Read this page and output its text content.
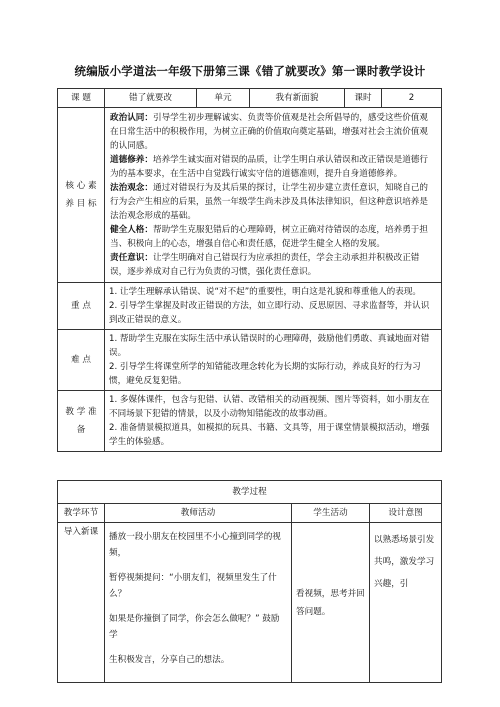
统编版小学道法一年级下册第三课《错了就要改》第一课时教学设计
课 题	错了就要改	单元	我有新面貌	课时	2
核 心 素 养 目 标	政治认同：引导学生初步理解诚实、负责等价值观是社会所倡导的，感受这些价值观在日常生活中的积极作用，为树立正确的价值取向奠定基础，增强对社会主流价值观的认同感。

道德修养：培养学生诚实面对错误的品质，让学生明白承认错误和改正错误是道德行为的基本要求，在生活中自觉践行诚实守信的道德准则，提升自身道德修养。

法治观念：通过对错误行为及其后果的探讨，让学生初步建立责任意识，知晓自己的行为会产生相应的后果，虽然一年级学生尚未涉及具体法律知识，但这种意识培养是法治观念形成的基础。

健全人格：帮助学生克服犯错后的心理障碍，树立正确对待错误的态度，培养勇于担当、积极向上的心态，增强自信心和责任感，促进学生健全人格的发展。

责任意识：让学生明确对自己错误行为应承担的责任，学会主动承担并积极改正错误，逐步养成对自己行为负责的习惯，强化责任意识。				

重 点	1. 让学生理解承认错误、说“对不起”的重要性，明白这是礼貌和尊重他人的表现。

2. 引导学生掌握及时改正错误的方法，如立即行动、反思原因、寻求监督等，并认识到改正错误的意义。				

难 点	1. 帮助学生克服在实际生活中承认错误时的心理障碍，鼓励他们勇敢、真诚地面对错误。

2. 引导学生将课堂所学的知错能改理念转化为长期的实际行动，养成良好的行为习惯，避免反复犯错。				

教 学 准 备	1. 多媒体课件，包含与犯错、认错、改错相关的动画视频、图片等资料，如小朋友在不同场景下犯错的情景，以及小动物知错能改的故事动画。

2. 准备情景模拟道具，如模拟的玩具、书籍、文具等，用于课堂情景模拟活动，增强学生的体验感。				

教学过程			
教学环节	教师活动	学生活动	设计意图
导入新课	播放一段小朋友在校园里不小心撞到同学的视频，

暂停视频提问：“小朋友们，视频里发生了什么？

如果是你撞倒了同学，你会怎么做呢？” 鼓励学

生积极发言，分享自己的想法。	看视频，思考并回答问题。	以熟悉场景引发共鸣，激发学习兴趣，引
